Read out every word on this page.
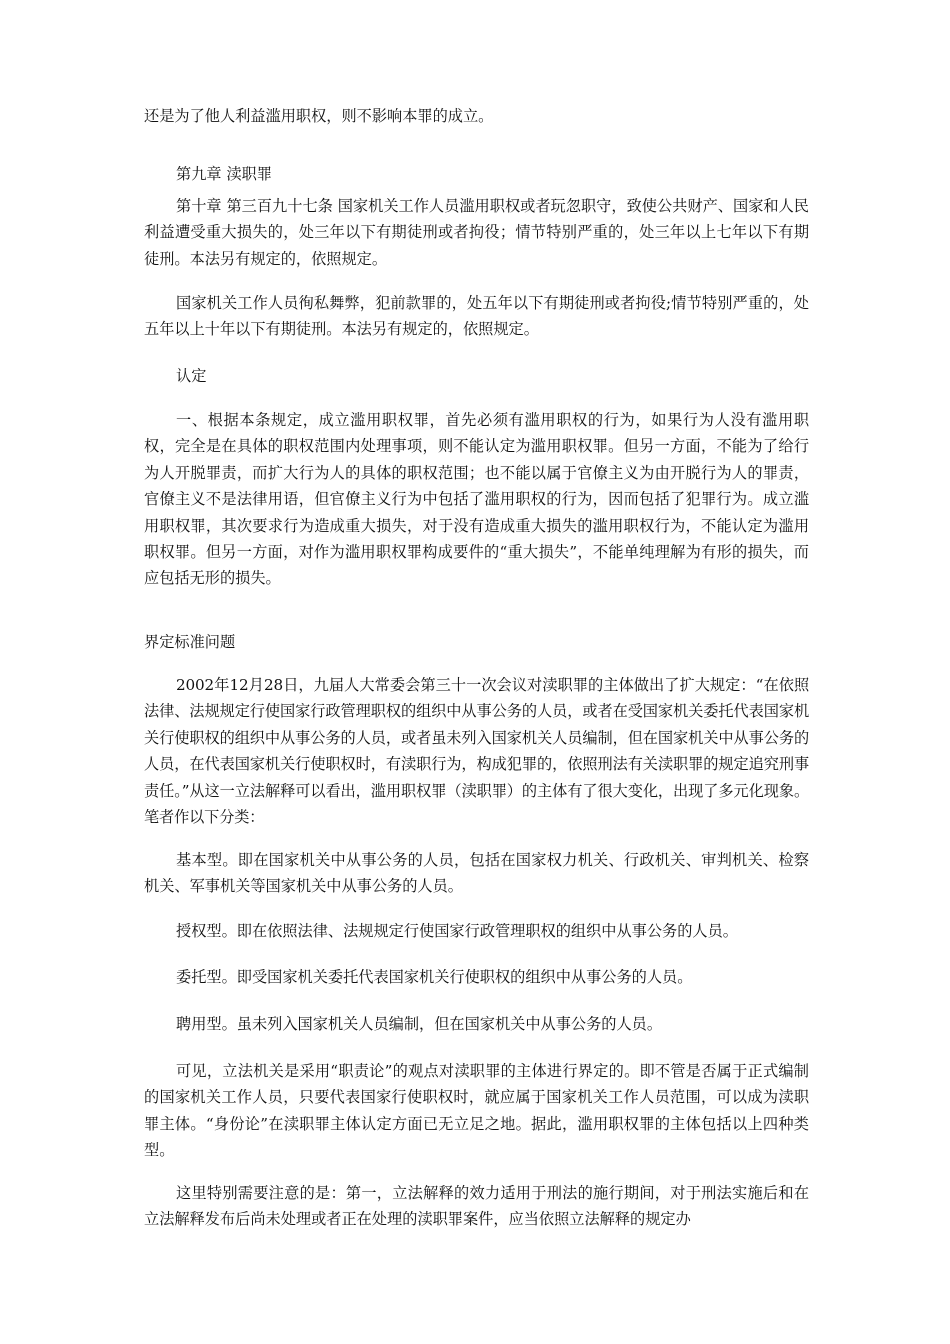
还是为了他人利益滥用职权，则不影响本罪的成立。

第九章 渎职罪

第十章 第三百九十七条 国家机关工作人员滥用职权或者玩忽职守，致使公共财产、国家和人民利益遭受重大损失的，处三年以下有期徒刑或者拘役；情节特别严重的，处三年以上七年以下有期徒刑。本法另有规定的，依照规定。

国家机关工作人员徇私舞弊，犯前款罪的，处五年以下有期徒刑或者拘役;情节特别严重的，处五年以上十年以下有期徒刑。本法另有规定的，依照规定。

认定

一、根据本条规定，成立滥用职权罪，首先必须有滥用职权的行为，如果行为人没有滥用职权，完全是在具体的职权范围内处理事项，则不能认定为滥用职权罪。但另一方面，不能为了给行为人开脱罪责，而扩大行为人的具体的职权范围；也不能以属于官僚主义为由开脱行为人的罪责，官僚主义不是法律用语，但官僚主义行为中包括了滥用职权的行为，因而包括了犯罪行为。成立滥用职权罪，其次要求行为造成重大损失，对于没有造成重大损失的滥用职权行为，不能认定为滥用职权罪。但另一方面，对作为滥用职权罪构成要件的“重大损失”，不能单纯理解为有形的损失，而应包括无形的损失。

界定标准问题

2002年12月28日，九届人大常委会第三十一次会议对渎职罪的主体做出了扩大规定：“在依照法律、法规规定行使国家行政管理职权的组织中从事公务的人员，或者在受国家机关委托代表国家机关行使职权的组织中从事公务的人员，或者虽未列入国家机关人员编制，但在国家机关中从事公务的人员，在代表国家机关行使职权时，有渎职行为，构成犯罪的，依照刑法有关渎职罪的规定追究刑事责任。”从这一立法解释可以看出，滥用职权罪（渎职罪）的主体有了很大变化，出现了多元化现象。笔者作以下分类：

基本型。即在国家机关中从事公务的人员，包括在国家权力机关、行政机关、审判机关、检察机关、军事机关等国家机关中从事公务的人员。

授权型。即在依照法律、法规规定行使国家行政管理职权的组织中从事公务的人员。

委托型。即受国家机关委托代表国家机关行使职权的组织中从事公务的人员。

聘用型。虽未列入国家机关人员编制，但在国家机关中从事公务的人员。

可见，立法机关是采用“职责论”的观点对渎职罪的主体进行界定的。即不管是否属于正式编制的国家机关工作人员，只要代表国家行使职权时，就应属于国家机关工作人员范围，可以成为渎职罪主体。“身份论”在渎职罪主体认定方面已无立足之地。据此，滥用职权罪的主体包括以上四种类型。

这里特别需要注意的是：第一，立法解释的效力适用于刑法的施行期间，对于刑法实施后和在立法解释发布后尚未处理或者正在处理的渎职罪案件，应当依照立法解释的规定办
